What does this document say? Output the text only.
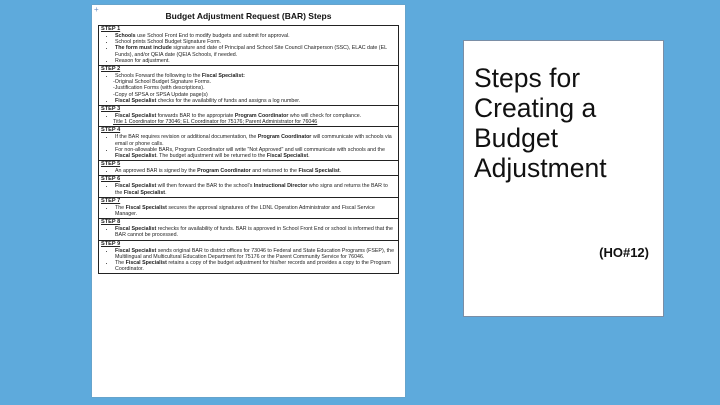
+
Budget Adjustment Request (BAR) Steps
STEP 1
• Schools use School Front End to modify budgets and submit for approval.
• School prints School Budget Signature Form.
• The form must include signature and date of Principal and School Site Council Chairperson (SSC), ELAC date (EL Funds), and/or QEIA date (QEIA Schools, if needed.
• Reason for adjustment.
STEP 2
• Schools Forward the following to the Fiscal Specialist:

-Original School Budget Signature Forms.

-Justification Forms (with descriptions).

-Copy of SPSA or SPSA Update page(s)

• Fiscal Specialist checks for the availability of funds and assigns a log number.
STEP 3
• Fiscal Specialist forwards BAR to the appropriate Program Coordinator who will check for compliance.

Title 1 Coordinator for 73046; EL Coordinator for 75176; Parent Administrator for 76046

STEP 4
• If the BAR requires revision or additional documentation, the Program Coordinator will communicate with schools via email or phone calls.
• For non-allowable BARs, Program Coordinator will write "Not Approved" and will communicate with schools and the Fiscal Specialist. The budget adjustment will be returned to the Fiscal Specialist.
STEP 5
• An approved BAR is signed by the Program Coordinator and returned to the Fiscal Specialist.
STEP 6
• Fiscal Specialist will then forward the BAR to the school's Instructional Director who signs and returns the BAR to the Fiscal Specialist.
STEP 7
• The Fiscal Specialist secures the approval signatures of the LDNL Operation Administrator and Fiscal Service Manager.
STEP 8
• Fiscal Specialist rechecks for availability of funds. BAR is approved in School Front End or school is informed that the BAR cannot be processed.
STEP 9
• Fiscal Specialist sends original BAR to district offices for 73046 to Federal and State Education Programs (FSEP), the Multilingual and Multicultural Education Department for 75176 or the Parent Community Service for 76046.
• The Fiscal Specialist retains a copy of the budget adjustment for his/her records and provides a copy to the Program Coordinator.
Steps for Creating a Budget Adjustment
(HO#12)
